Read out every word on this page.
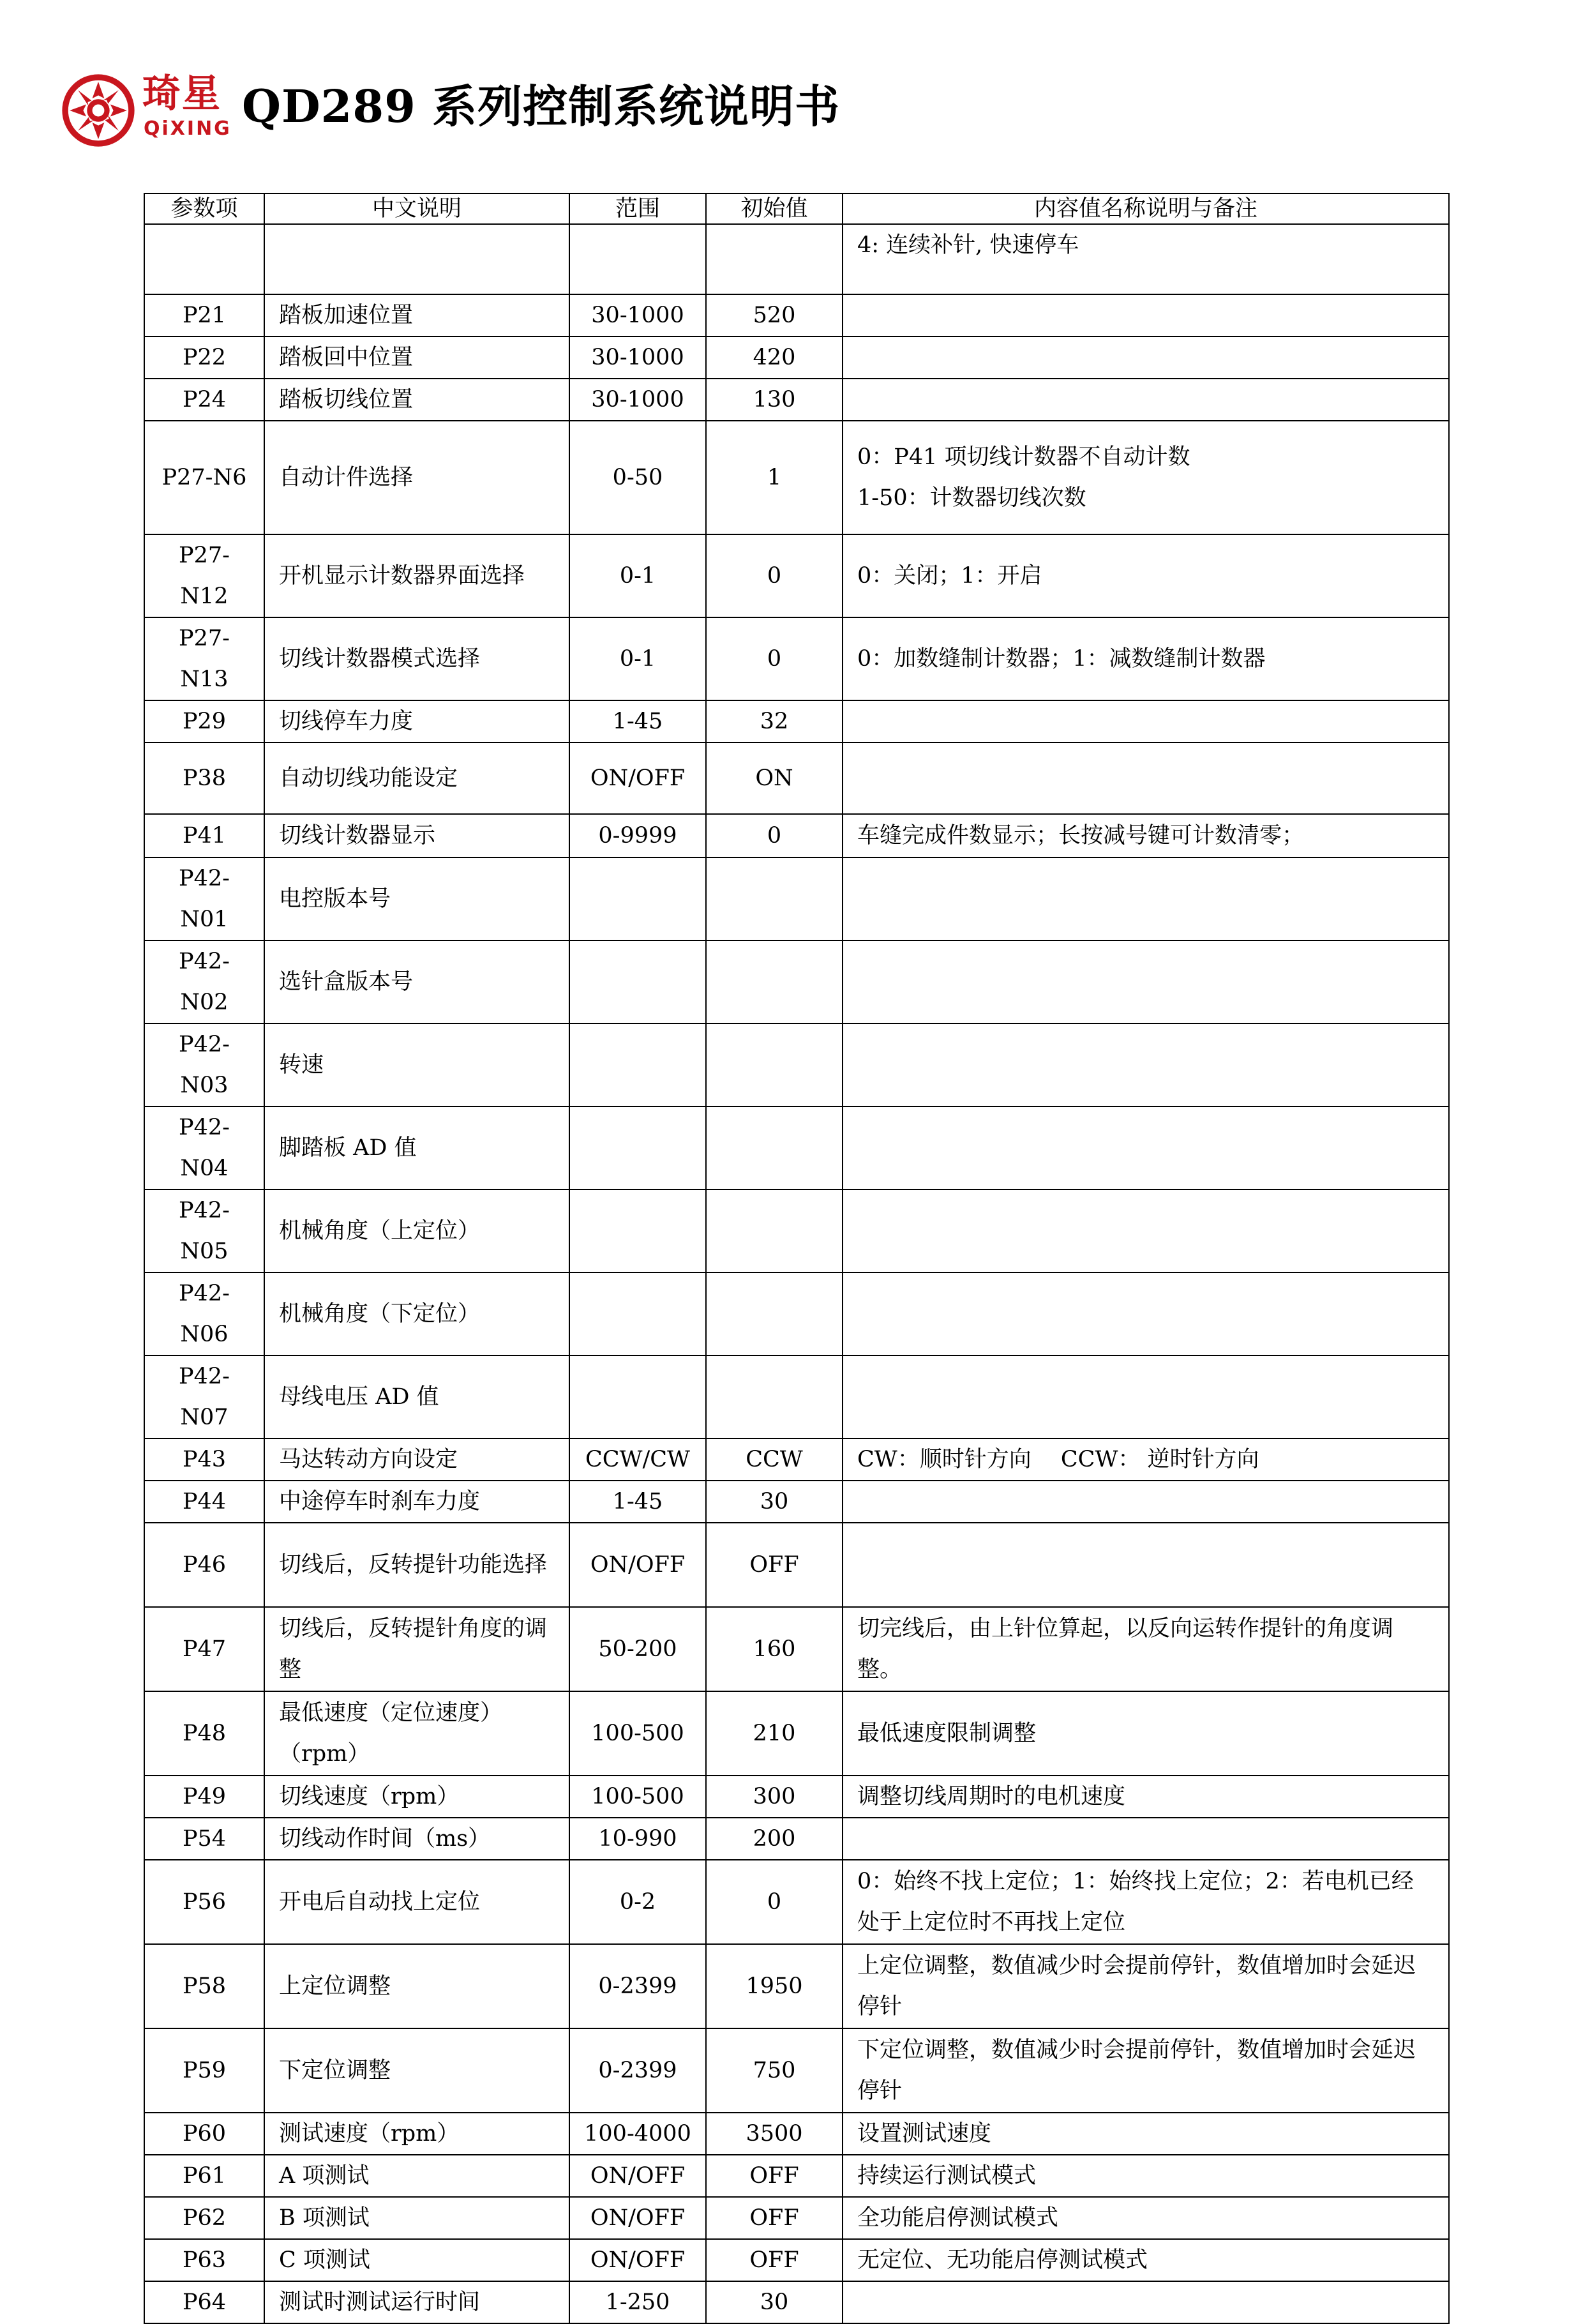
琦星
QiXING QD289 系列控制系统说明书
参数项	中文说明	范围	初始值	内容值名称说明与备注
				4: 连续补针, 快速停车
P21	踏板加速位置	30-1000	520	
P22	踏板回中位置	30-1000	420	
P24	踏板切线位置	30-1000	130	
P27-N6	自动计件选择	0-50	1	0：P41 项切线计数器不自动计数
1-50：计数器切线次数
P27-N12	开机显示计数器界面选择	0-1	0	0：关闭；1：开启
P27-N13	切线计数器模式选择	0-1	0	0：加数缝制计数器；1：减数缝制计数器
P29	切线停车力度	1-45	32	
P38	自动切线功能设定	ON/OFF	ON	
P41	切线计数器显示	0-9999	0	车缝完成件数显示；长按减号键可计数清零；
P42-N01	电控版本号			
P42-N02	选针盒版本号			
P42-N03	转速			
P42-N04	脚踏板 AD 值			
P42-N05	机械角度（上定位）			
P42-N06	机械角度（下定位）			
P42-N07	母线电压 AD 值			
P43	马达转动方向设定	CCW/CW	CCW	CW：顺时针方向　 CCW： 逆时针方向
P44	中途停车时刹车力度	1-45	30	
P46	切线后，反转提针功能选择	ON/OFF	OFF	
P47	切线后，反转提针角度的调整	50-200	160	切完线后，由上针位算起，以反向运转作提针的角度调整。
P48	最低速度（定位速度）（rpm）	100-500	210	最低速度限制调整
P49	切线速度（rpm）	100-500	300	调整切线周期时的电机速度
P54	切线动作时间（ms）	10-990	200	
P56	开电后自动找上定位	0-2	0	0：始终不找上定位；1：始终找上定位；2：若电机已经处于上定位时不再找上定位
P58	上定位调整	0-2399	1950	上定位调整，数值减少时会提前停针，数值增加时会延迟停针
P59	下定位调整	0-2399	750	下定位调整，数值减少时会提前停针，数值增加时会延迟停针
P60	测试速度（rpm）	100-4000	3500	设置测试速度
P61	A 项测试	ON/OFF	OFF	持续运行测试模式
P62	B 项测试	ON/OFF	OFF	全功能启停测试模式
P63	C 项测试	ON/OFF	OFF	无定位、无功能启停测试模式
P64	测试时测试运行时间	1-250	30	
